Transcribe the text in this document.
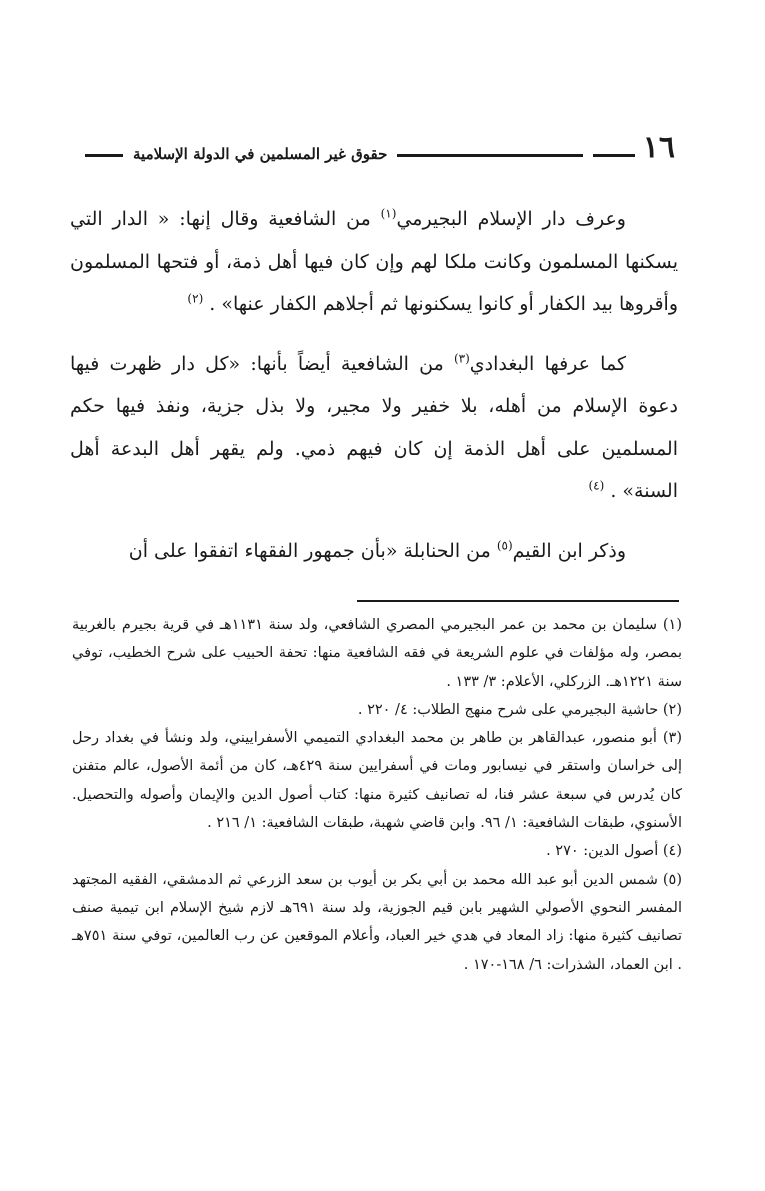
١٦
حقوق غير المسلمين في الدولة الإسلامية

وعرف دار الإسلام البجيرمي$^{(١)}$ من الشافعية وقال إنها: « الدار التي يسكنها المسلمون وكانت ملكا لهم وإن كان فيها أهل ذمة، أو فتحها المسلمون وأقروها بيد الكفار أو كانوا يسكنونها ثم أجلاهم الكفار عنها» . $^{(٢)}$

كما عرفها البغدادي$^{(٣)}$ من الشافعية أيضاً بأنها: «كل دار ظهرت فيها دعوة الإسلام من أهله، بلا خفير ولا مجير، ولا بذل جزية، ونفذ فيها حكم المسلمين على أهل الذمة إن كان فيهم ذمي. ولم يقهر أهل البدعة أهل السنة» . $^{(٤)}$

وذكر ابن القيم$^{(٥)}$ من الحنابلة «بأن جمهور الفقهاء اتفقوا على أن

(١) سليمان بن محمد بن عمر البجيرمي المصري الشافعي، ولد سنة ١١٣١هـ في قرية بجيرم بالغربية بمصر، وله مؤلفات في علوم الشريعة في فقه الشافعية منها: تحفة الحبيب على شرح الخطيب، توفي سنة ١٢٢١هـ. الزركلي، الأعلام: ٣/ ١٣٣ .
(٢) حاشية البجيرمي على شرح منهج الطلاب: ٤/ ٢٢٠ .
(٣) أبو منصور، عبدالقاهر بن طاهر بن محمد البغدادي التميمي الأسفراييني، ولد ونشأ في بغداد رحل إلى خراسان واستقر في نيسابور ومات في أسفرايين سنة ٤٢٩هـ، كان من أئمة الأصول، عالم متفنن كان يُدرس في سبعة عشر فنا، له تصانيف كثيرة منها: كتاب أصول الدين والإيمان وأصوله والتحصيل. الأسنوي، طبقات الشافعية: ١/ ٩٦. وابن قاضي شهبة، طبقات الشافعية: ١/ ٢١٦ .
(٤) أصول الدين: ٢٧٠ .
(٥) شمس الدين أبو عبد الله محمد بن أبي بكر بن أيوب بن سعد الزرعي ثم الدمشقي، الفقيه المجتهد المفسر النحوي الأصولي الشهير بابن قيم الجوزية، ولد سنة ٦٩١هـ لازم شيخ الإسلام ابن تيمية صنف تصانيف كثيرة منها: زاد المعاد في هدي خير العباد، وأعلام الموقعين عن رب العالمين، توفي سنة ٧٥١هـ . ابن العماد، الشذرات: ٦/ ١٦٨-١٧٠ .
